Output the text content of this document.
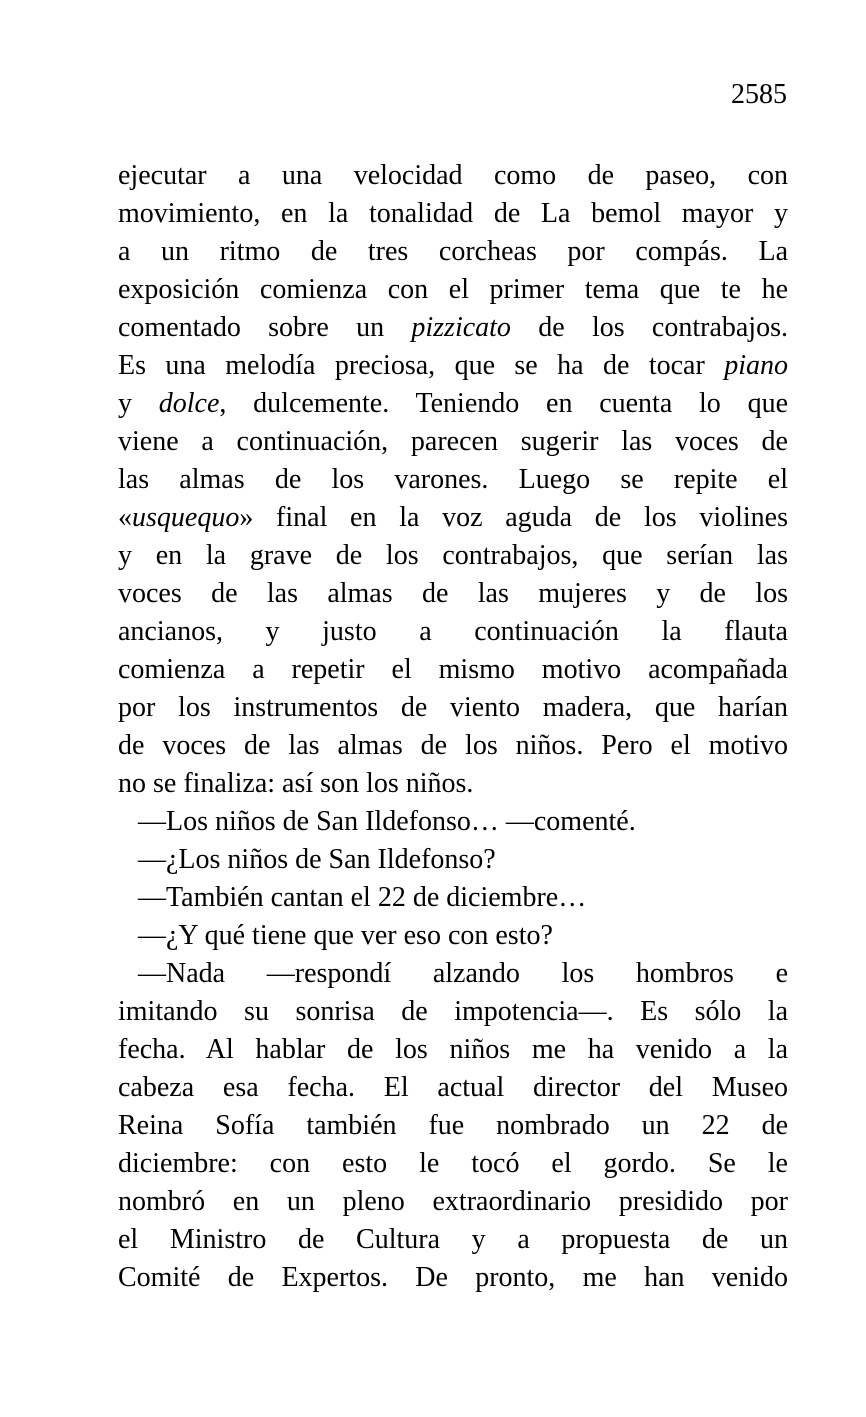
2585
ejecutar a una velocidad como de paseo, con
movimiento, en la tonalidad de La bemol mayor y
a un ritmo de tres corcheas por compás. La
exposición comienza con el primer tema que te he
comentado sobre un pizzicato de los contrabajos.
Es una melodía preciosa, que se ha de tocar piano
y dolce, dulcemente. Teniendo en cuenta lo que
viene a continuación, parecen sugerir las voces de
las almas de los varones. Luego se repite el
«usquequo» final en la voz aguda de los violines
y en la grave de los contrabajos, que serían las
voces de las almas de las mujeres y de los
ancianos, y justo a continuación la flauta
comienza a repetir el mismo motivo acompañada
por los instrumentos de viento madera, que harían
de voces de las almas de los niños. Pero el motivo
no se finaliza: así son los niños.
—Los niños de San Ildefonso… —comenté.
—¿Los niños de San Ildefonso?
—También cantan el 22 de diciembre…
—¿Y qué tiene que ver eso con esto?
—Nada —respondí alzando los hombros e
imitando su sonrisa de impotencia—. Es sólo la
fecha. Al hablar de los niños me ha venido a la
cabeza esa fecha. El actual director del Museo
Reina Sofía también fue nombrado un 22 de
diciembre: con esto le tocó el gordo. Se le
nombró en un pleno extraordinario presidido por
el Ministro de Cultura y a propuesta de un
Comité de Expertos. De pronto, me han venido
